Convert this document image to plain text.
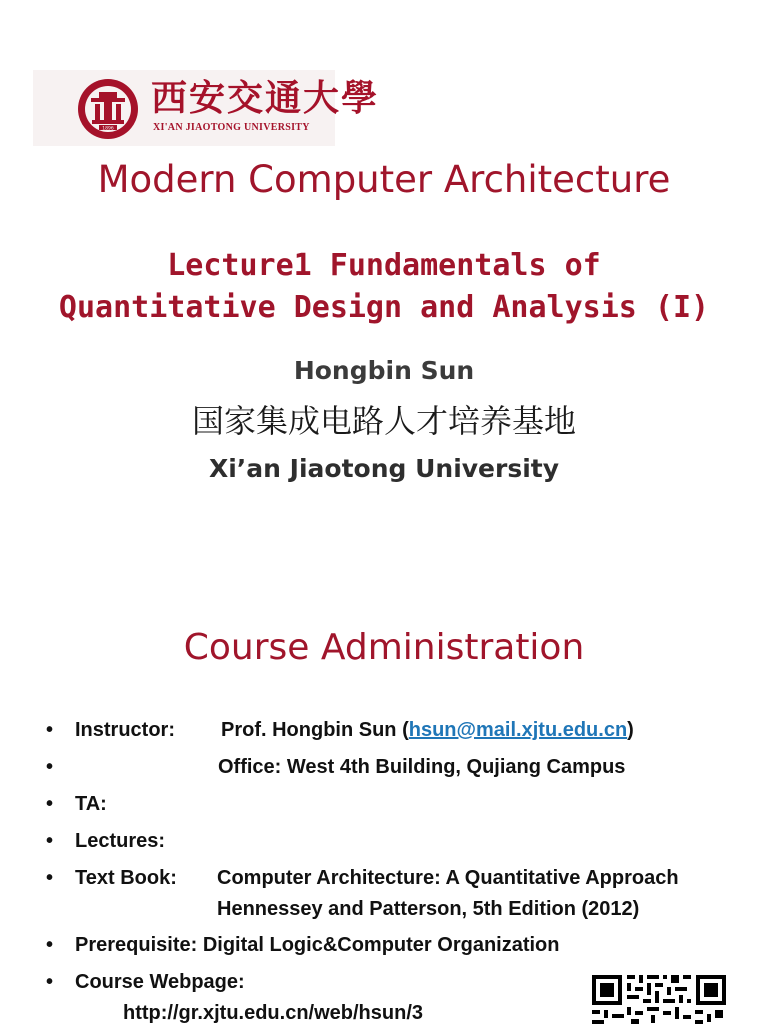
1896
西安交通大學
XI'AN JIAOTONG UNIVERSITY
Modern Computer Architecture
Lecture1 Fundamentals of
Quantitative Design and Analysis (I)
Hongbin Sun
国家集成电路人才培养基地
Xi’an Jiaotong University
Course Administration
• Instructor: Prof. Hongbin Sun (hsun@mail.xjtu.edu.cn)
•	Office: West 4th Building, Qujiang Campus
• TA:
• Lectures:
• Text Book: Computer Architecture: A Quantitative Approach
Hennessey and Patterson, 5th Edition (2012)
• Prerequisite: Digital Logic&Computer Organization
• Course Webpage:
http://gr.xjtu.edu.cn/web/hsun/3
